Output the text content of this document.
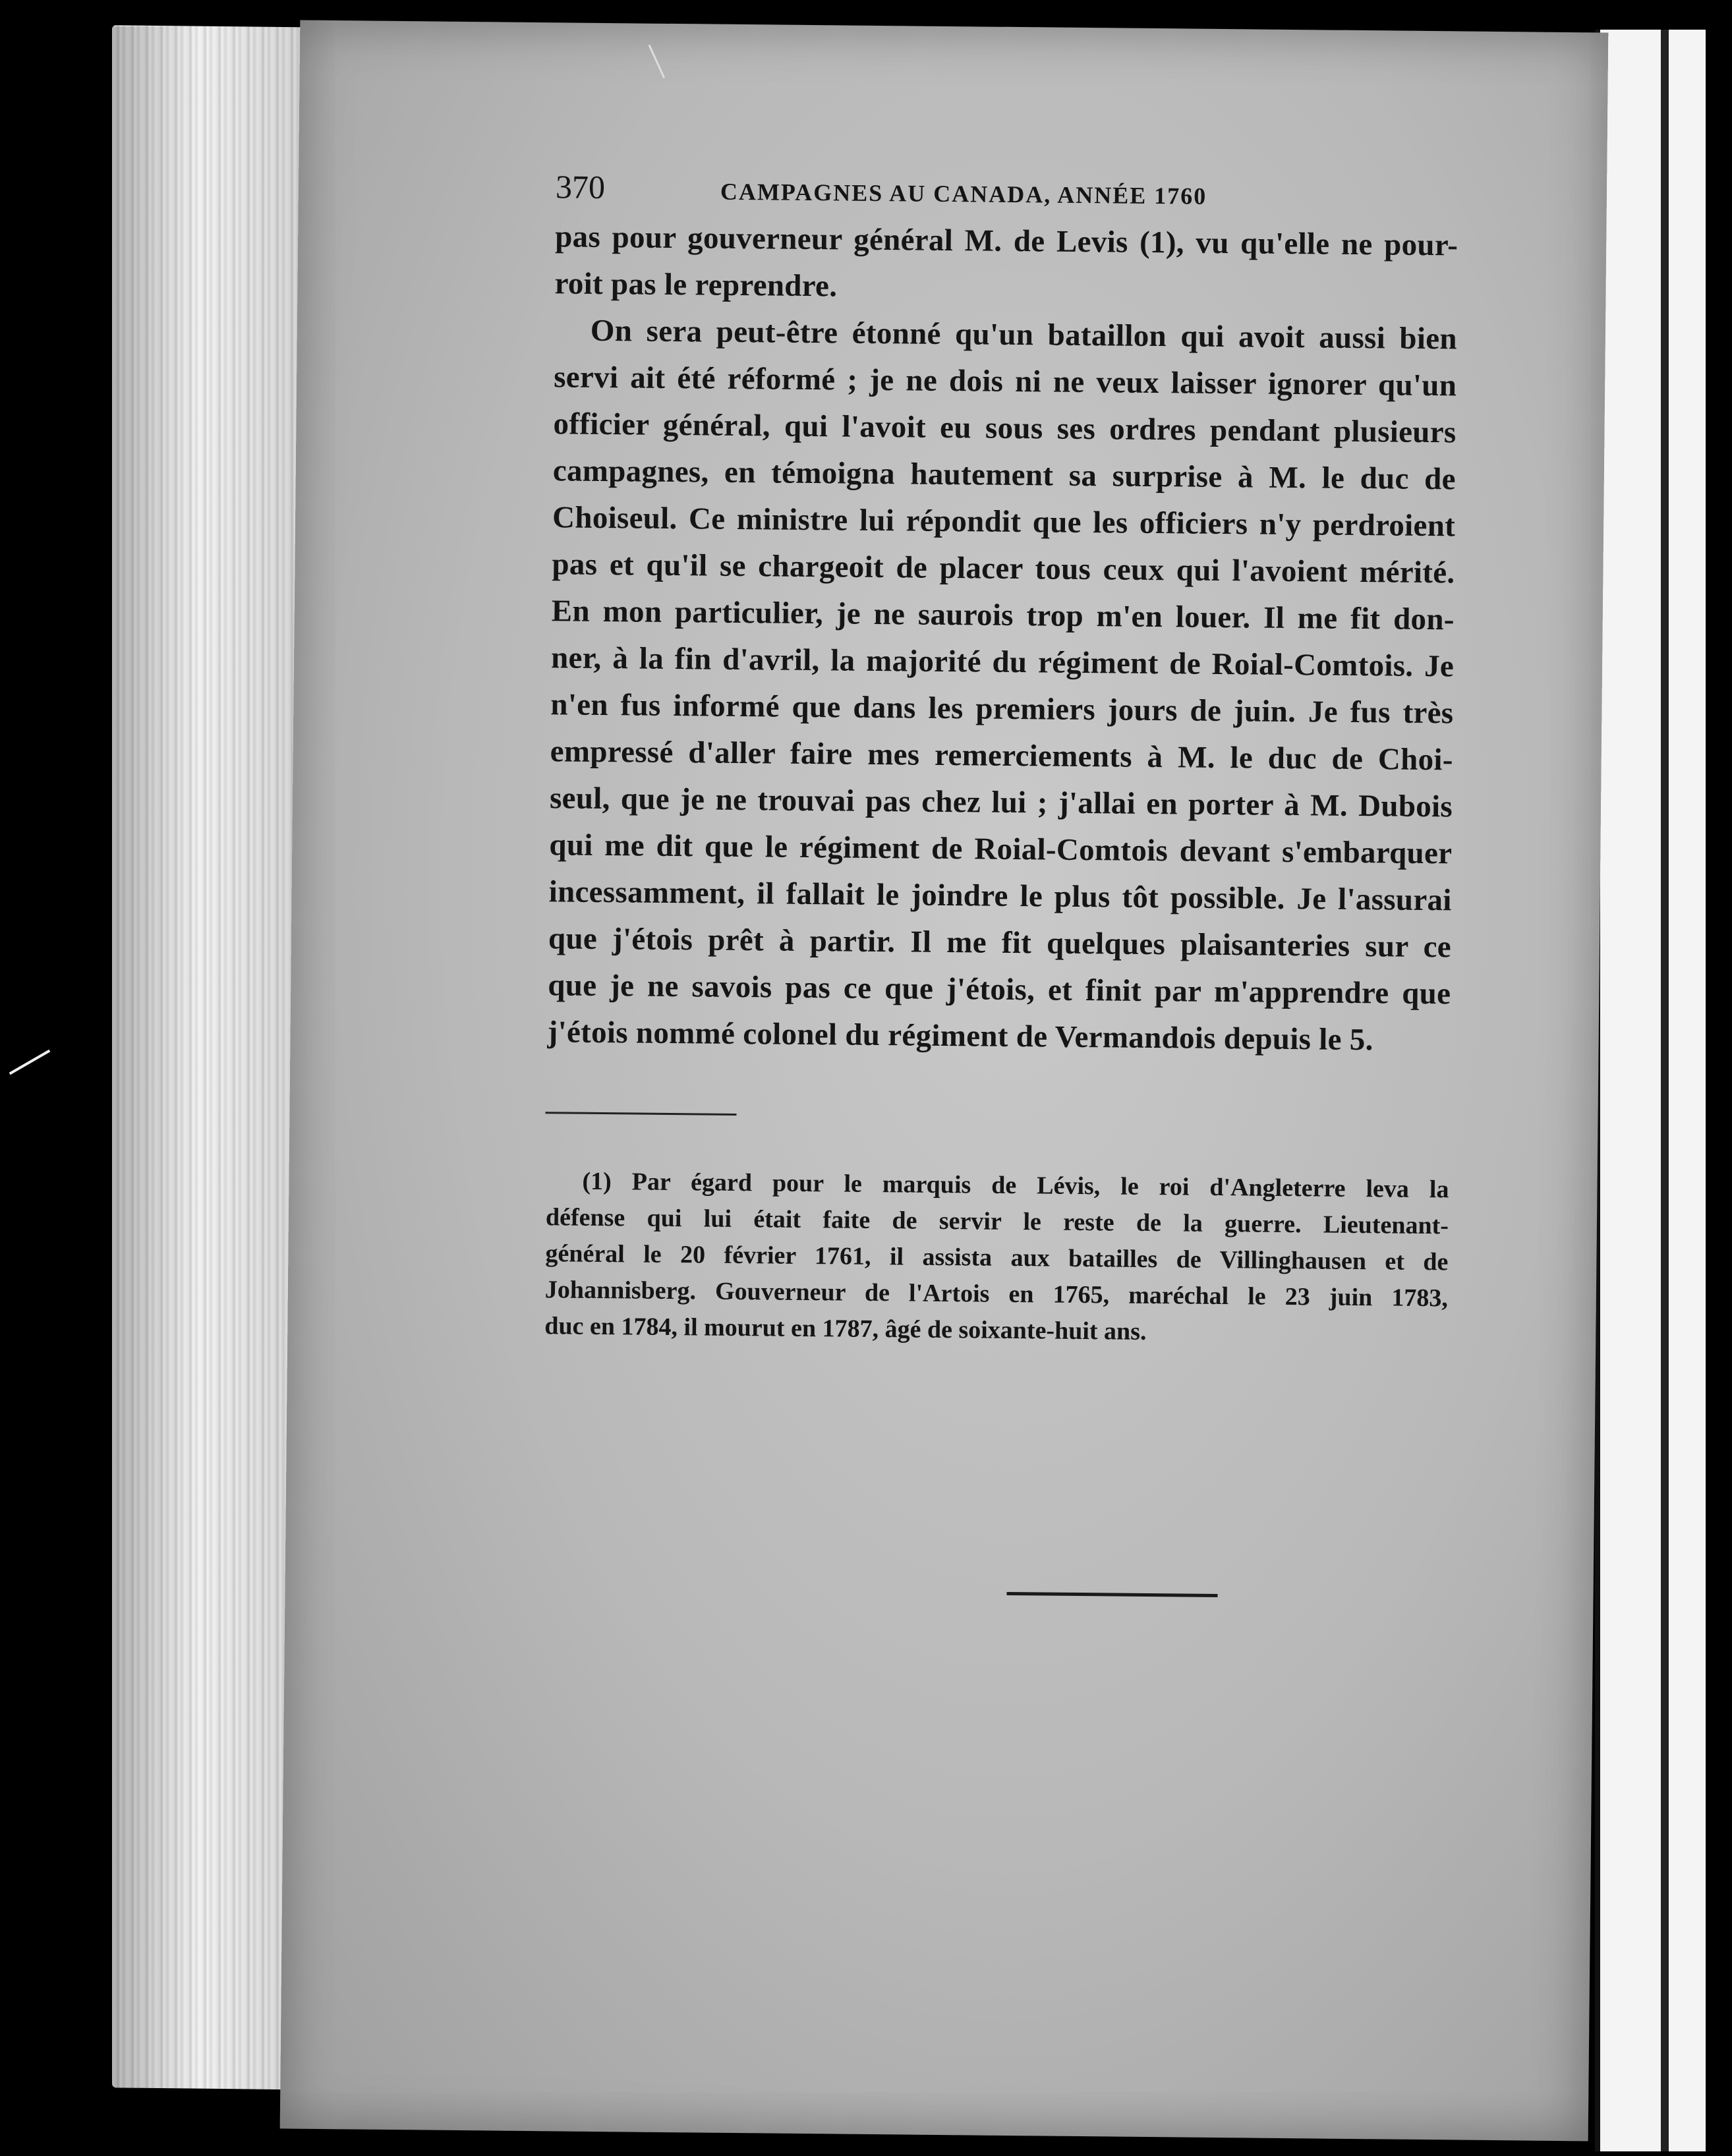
370	CAMPAGNES AU CANADA, ANNÉE 1760
pas pour gouverneur général M. de Levis (1), vu qu'elle ne pour-
roit pas le reprendre.
On sera peut-être étonné qu'un bataillon qui avoit aussi bien
servi ait été réformé ; je ne dois ni ne veux laisser ignorer qu'un
officier général, qui l'avoit eu sous ses ordres pendant plusieurs
campagnes, en témoigna hautement sa surprise à M. le duc de
Choiseul. Ce ministre lui répondit que les officiers n'y perdroient
pas et qu'il se chargeoit de placer tous ceux qui l'avoient mérité.
En mon particulier, je ne saurois trop m'en louer. Il me fit don-
ner, à la fin d'avril, la majorité du régiment de Roial-Comtois. Je
n'en fus informé que dans les premiers jours de juin. Je fus très
empressé d'aller faire mes remerciements à M. le duc de Choi-
seul, que je ne trouvai pas chez lui ; j'allai en porter à M. Dubois
qui me dit que le régiment de Roial-Comtois devant s'embarquer
incessamment, il fallait le joindre le plus tôt possible. Je l'assurai
que j'étois prêt à partir. Il me fit quelques plaisanteries sur ce
que je ne savois pas ce que j'étois, et finit par m'apprendre que
j'étois nommé colonel du régiment de Vermandois depuis le 5.
(1) Par égard pour le marquis de Lévis, le roi d'Angleterre leva la
défense qui lui était faite de servir le reste de la guerre. Lieutenant-
général le 20 février 1761, il assista aux batailles de Villinghausen et de
Johannisberg. Gouverneur de l'Artois en 1765, maréchal le 23 juin 1783,
duc en 1784, il mourut en 1787, âgé de soixante-huit ans.
